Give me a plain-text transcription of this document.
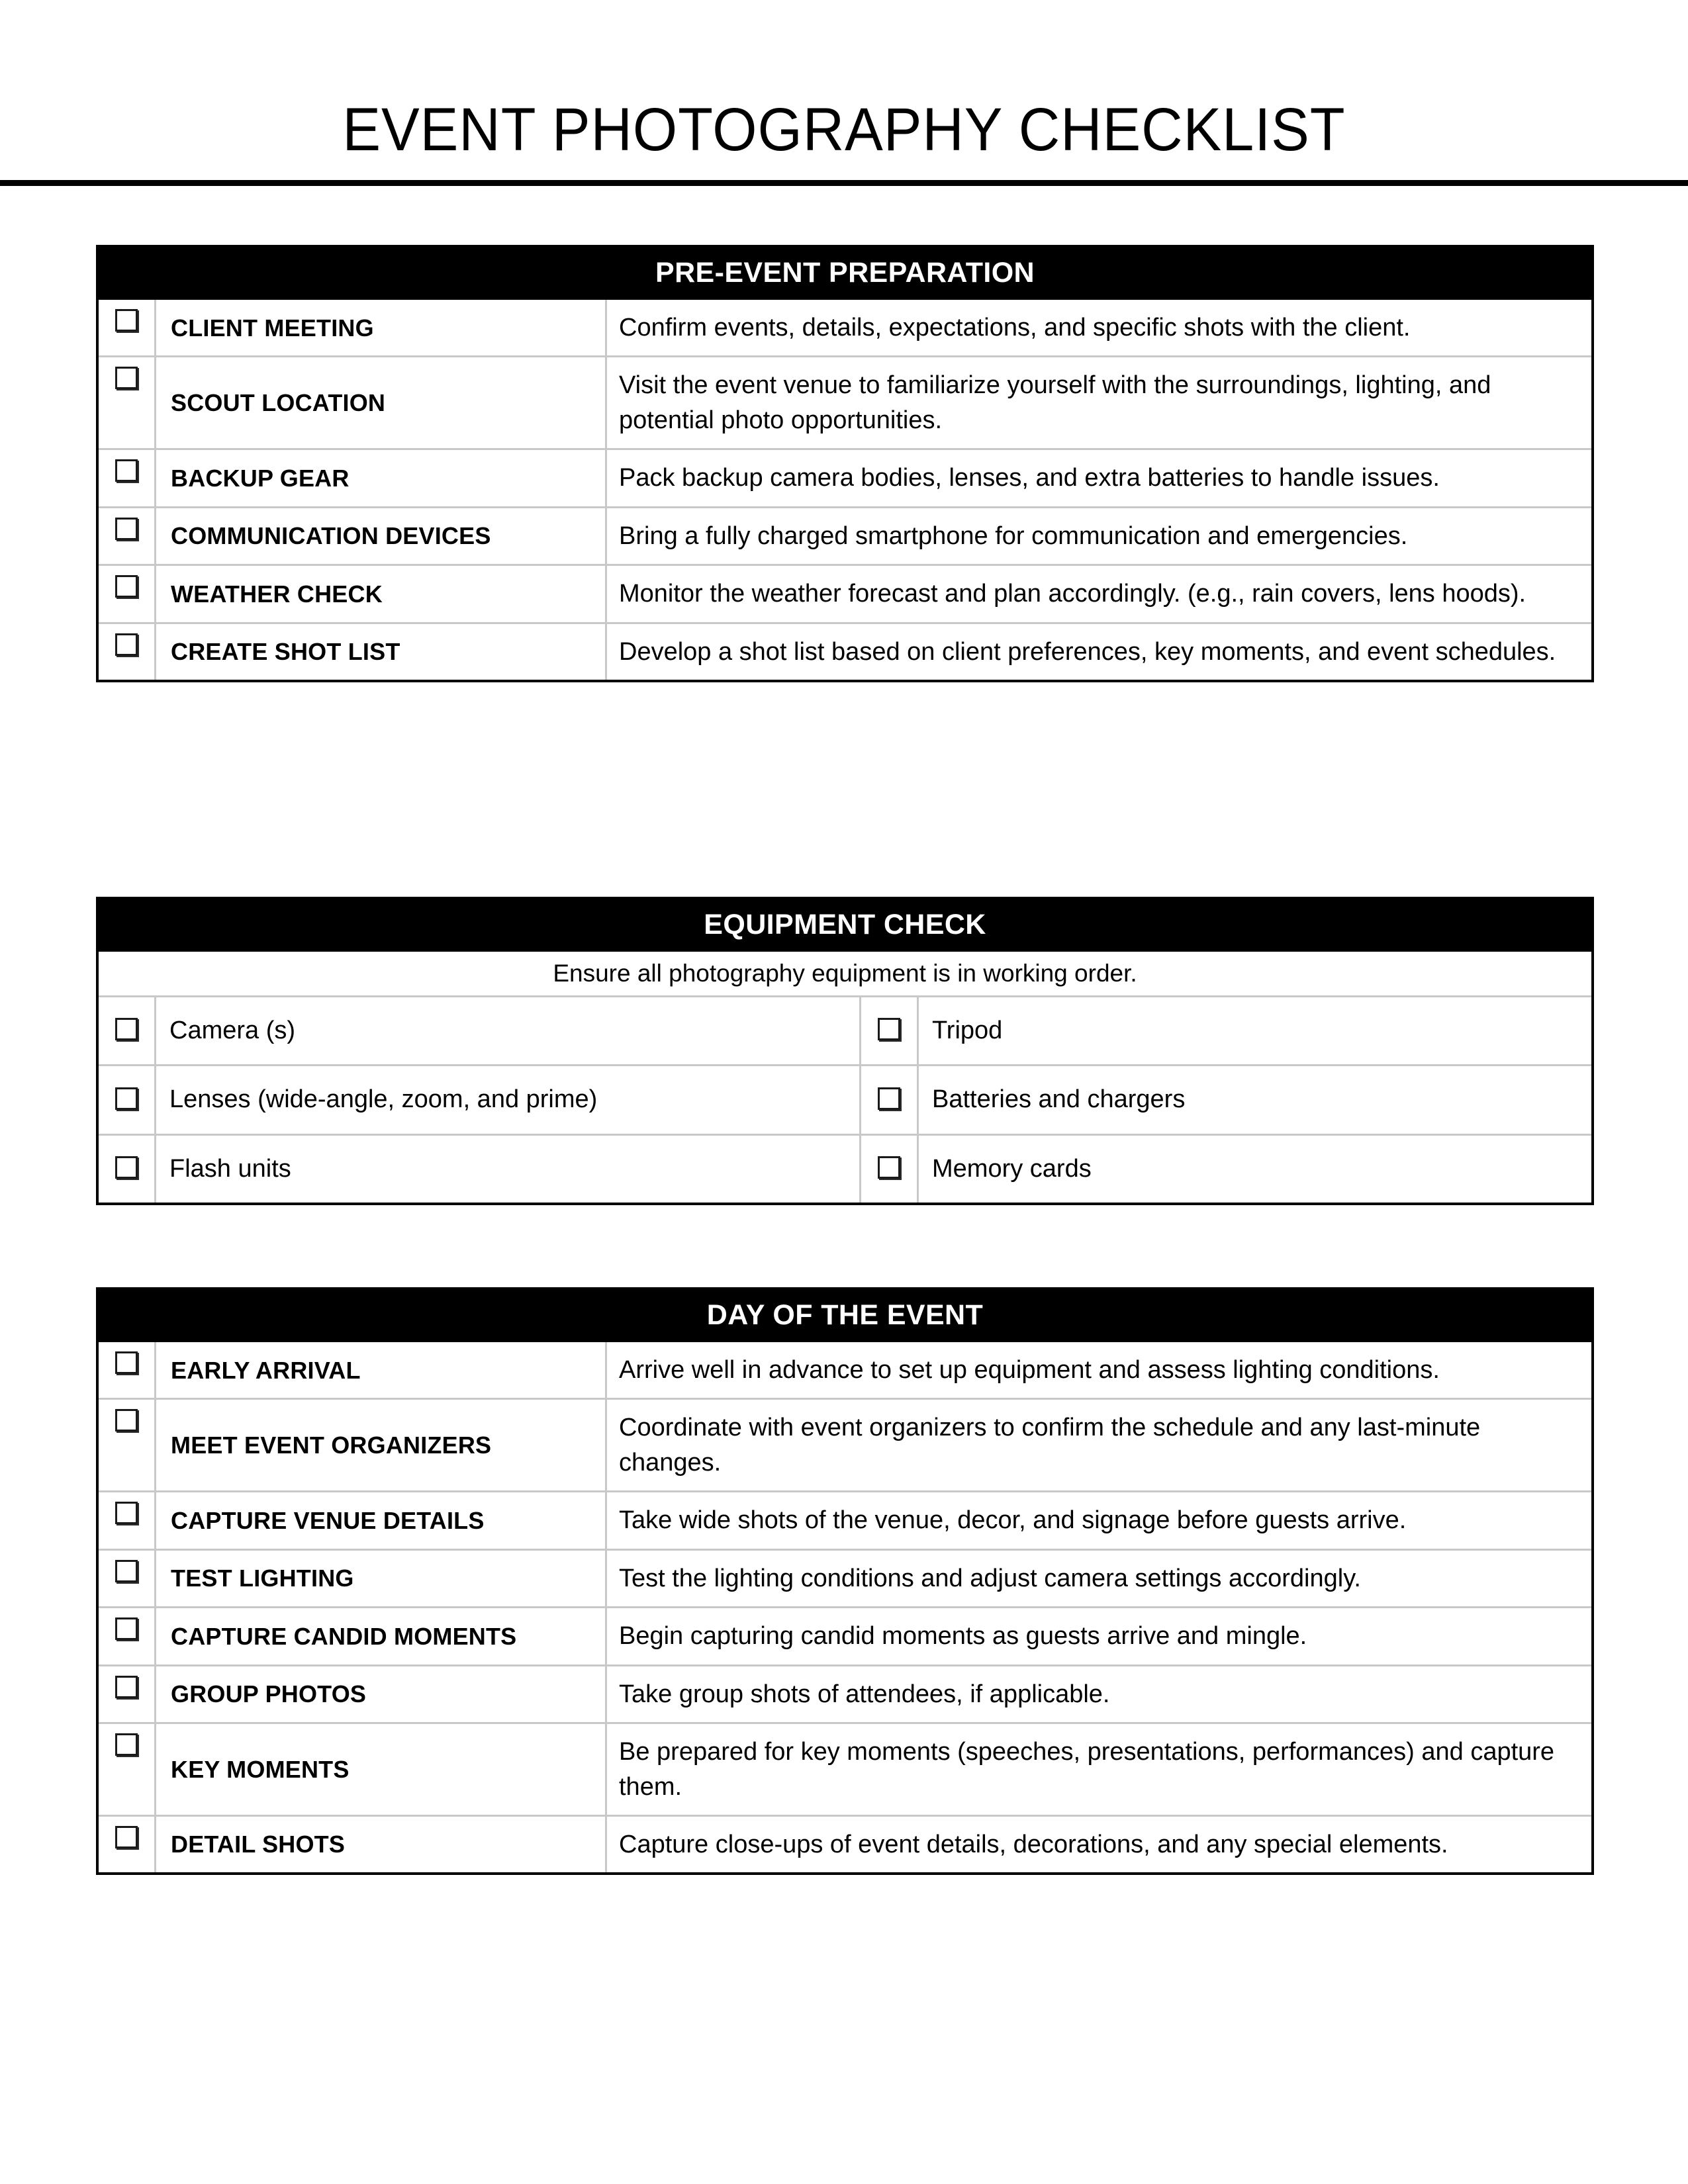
EVENT PHOTOGRAPHY CHECKLIST
PRE-EVENT PREPARATION
	CLIENT MEETING	Confirm events, details, expectations, and specific shots with the client.
	SCOUT LOCATION	Visit the event venue to familiarize yourself with the surroundings, lighting, and potential photo opportunities.
	BACKUP GEAR	Pack backup camera bodies, lenses, and extra batteries to handle issues.
	COMMUNICATION DEVICES	Bring a fully charged smartphone for communication and emergencies.
	WEATHER CHECK	Monitor the weather forecast and plan accordingly. (e.g., rain covers, lens hoods).
	CREATE SHOT LIST	Develop a shot list based on client preferences, key moments, and event schedules.
EQUIPMENT CHECK
Ensure all photography equipment is in working order.
	Camera (s)		Tripod
	Lenses (wide-angle, zoom, and prime)		Batteries and chargers
	Flash units		Memory cards
DAY OF THE EVENT
	EARLY ARRIVAL	Arrive well in advance to set up equipment and assess lighting conditions.
	MEET EVENT ORGANIZERS	Coordinate with event organizers to confirm the schedule and any last-minute changes.
	CAPTURE VENUE DETAILS	Take wide shots of the venue, decor, and signage before guests arrive.
	TEST LIGHTING	Test the lighting conditions and adjust camera settings accordingly.
	CAPTURE CANDID MOMENTS	Begin capturing candid moments as guests arrive and mingle.
	GROUP PHOTOS	Take group shots of attendees, if applicable.
	KEY MOMENTS	Be prepared for key moments (speeches, presentations, performances) and capture them.
	DETAIL SHOTS	Capture close-ups of event details, decorations, and any special elements.
